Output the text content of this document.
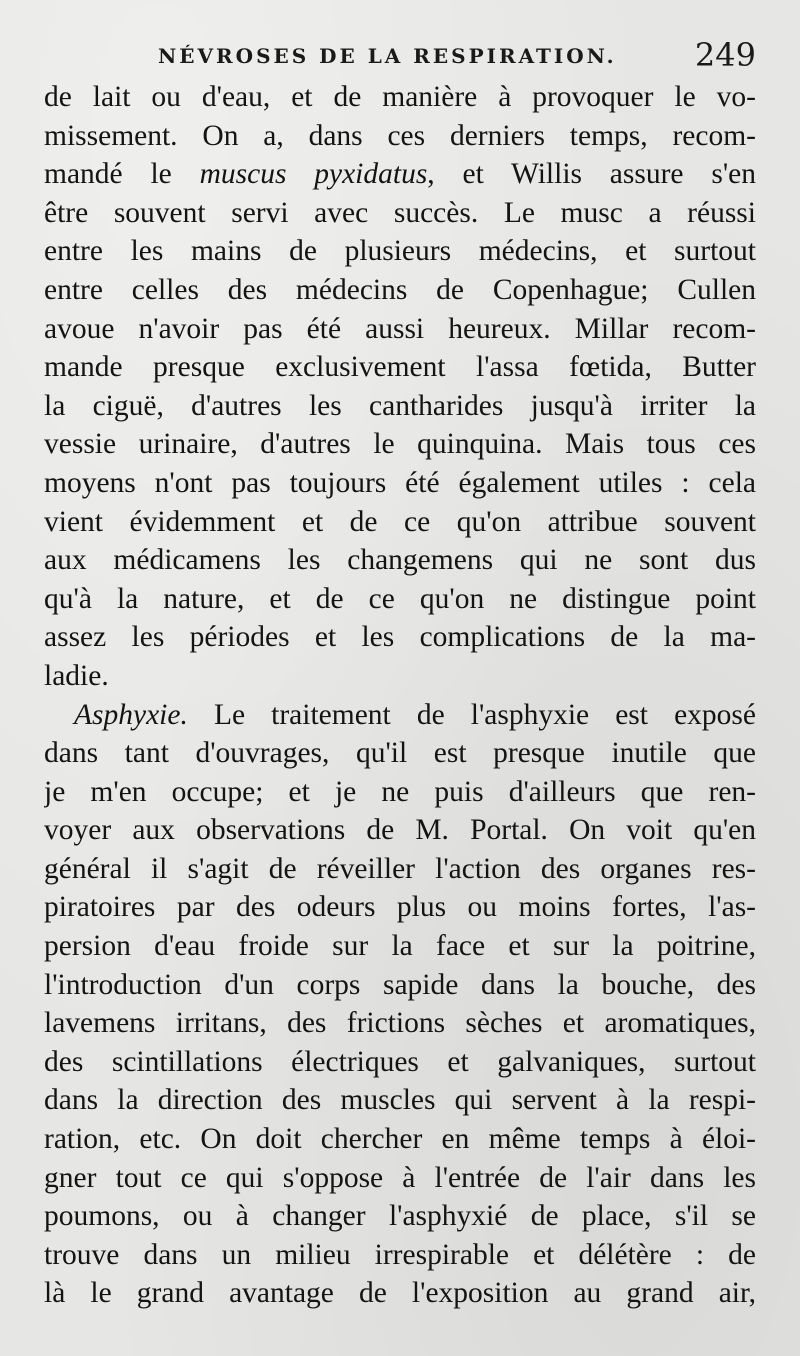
NÉVROSES DE LA RESPIRATION. 249
de lait ou d'eau, et de manière à provoquer le vo-
missement. On a, dans ces derniers temps, recom-
mandé le muscus pyxidatus, et Willis assure s'en
être souvent servi avec succès. Le musc a réussi
entre les mains de plusieurs médecins, et surtout
entre celles des médecins de Copenhague; Cullen
avoue n'avoir pas été aussi heureux. Millar recom-
mande presque exclusivement l'assa fœtida, Butter
la ciguë, d'autres les cantharides jusqu'à irriter la
vessie urinaire, d'autres le quinquina. Mais tous ces
moyens n'ont pas toujours été également utiles : cela
vient évidemment et de ce qu'on attribue souvent
aux médicamens les changemens qui ne sont dus
qu'à la nature, et de ce qu'on ne distingue point
assez les périodes et les complications de la ma-
ladie.
Asphyxie. Le traitement de l'asphyxie est exposé
dans tant d'ouvrages, qu'il est presque inutile que
je m'en occupe; et je ne puis d'ailleurs que ren-
voyer aux observations de M. Portal. On voit qu'en
général il s'agit de réveiller l'action des organes res-
piratoires par des odeurs plus ou moins fortes, l'as-
persion d'eau froide sur la face et sur la poitrine,
l'introduction d'un corps sapide dans la bouche, des
lavemens irritans, des frictions sèches et aromatiques,
des scintillations électriques et galvaniques, surtout
dans la direction des muscles qui servent à la respi-
ration, etc. On doit chercher en même temps à éloi-
gner tout ce qui s'oppose à l'entrée de l'air dans les
poumons, ou à changer l'asphyxié de place, s'il se
trouve dans un milieu irrespirable et délétère : de
là le grand avantage de l'exposition au grand air,
